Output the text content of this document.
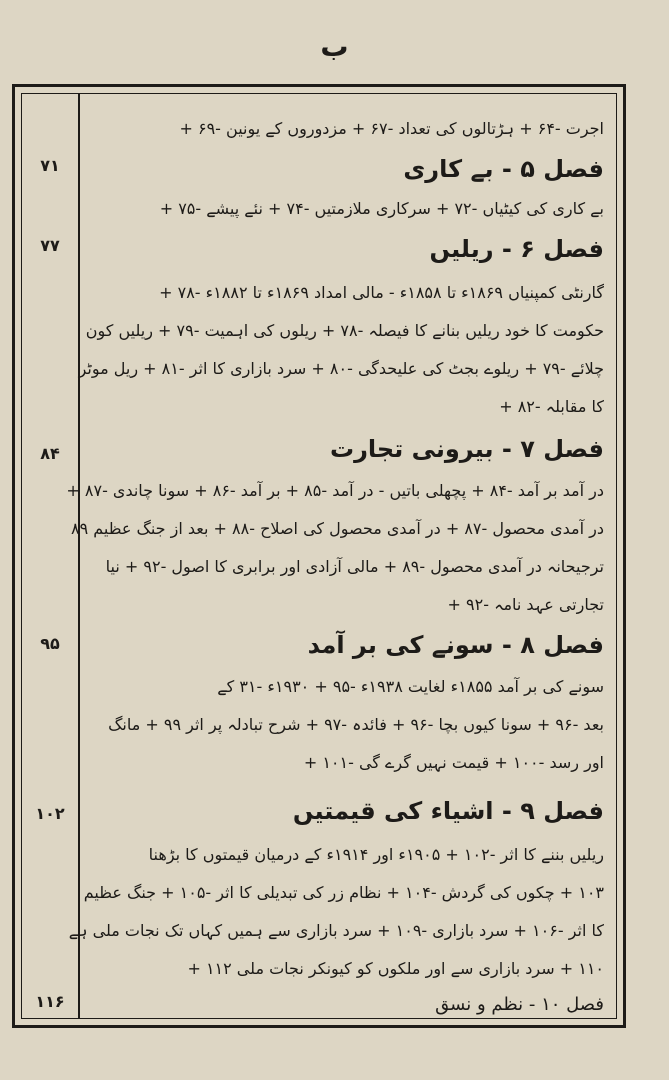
ب
۷۱
۷۷
۸۴
۹۵
۱۰۲
۱۱۶
اجرت -۶۴ + ہڑتالوں کی تعداد -۶۷ + مزدوروں کے یونین -۶۹ +
فصل ۵ - بے کاری
بے کاری کی کیٹیاں -۷۲ + سرکاری ملازمتیں -۷۴ + نئے پیشے -۷۵ +
فصل ۶ - ریلیں
گارنٹی کمپنیاں ۱۸۶۹ء تا ۱۸۵۸ء - مالی امداد ۱۸۶۹ء تا ۱۸۸۲ء -۷۸ +
حکومت کا خود ریلیں بنانے کا فیصلہ -۷۸ + ریلوں کی اہمیت -۷۹ + ریلیں کون
چلائے -۷۹ + ریلوے بجٹ کی علیحدگی -۸۰ + سرد بازاری کا اثر -۸۱ + ریل موٹر
کا مقابلہ -۸۲ +
فصل ۷ - بیرونی تجارت
در آمد بر آمد -۸۴ + پچھلی باتیں - در آمد -۸۵ + بر آمد -۸۶ + سونا چاندی -۸۷ +
در آمدی محصول -۸۷ + در آمدی محصول کی اصلاح -۸۸ + بعد از جنگ عظیم ۸۹
ترجیحانہ در آمدی محصول -۸۹ + مالی آزادی اور برابری کا اصول -۹۲ + نیا
تجارتی عہد نامہ -۹۲ +
فصل ۸ - سونے کی بر آمد
سونے کی بر آمد ۱۸۵۵ء لغایت ۱۹۳۸ء -۹۵ + ۱۹۳۰ء -۳۱ کے
بعد -۹۶ + سونا کیوں بچا -۹۶ + فائدہ -۹۷ + شرح تبادلہ پر اثر ۹۹ + مانگ
اور رسد -۱۰۰ + قیمت نہیں گرے گی -۱۰۱ +
فصل ۹ - اشیاء کی قیمتیں
ریلیں بننے کا اثر -۱۰۲ + ۱۹۰۵ء اور ۱۹۱۴ء کے درمیان قیمتوں کا بڑھنا
۱۰۳ + چکوں کی گردش -۱۰۴ + نظام زر کی تبدیلی کا اثر -۱۰۵ + جنگ عظیم
کا اثر -۱۰۶ + سرد بازاری -۱۰۹ + سرد بازاری سے ہمیں کہاں تک نجات ملی ہے
۱۱۰ + سرد بازاری سے اور ملکوں کو کیونکر نجات ملی ۱۱۲ +
فصل ۱۰ - نظم و نسق
